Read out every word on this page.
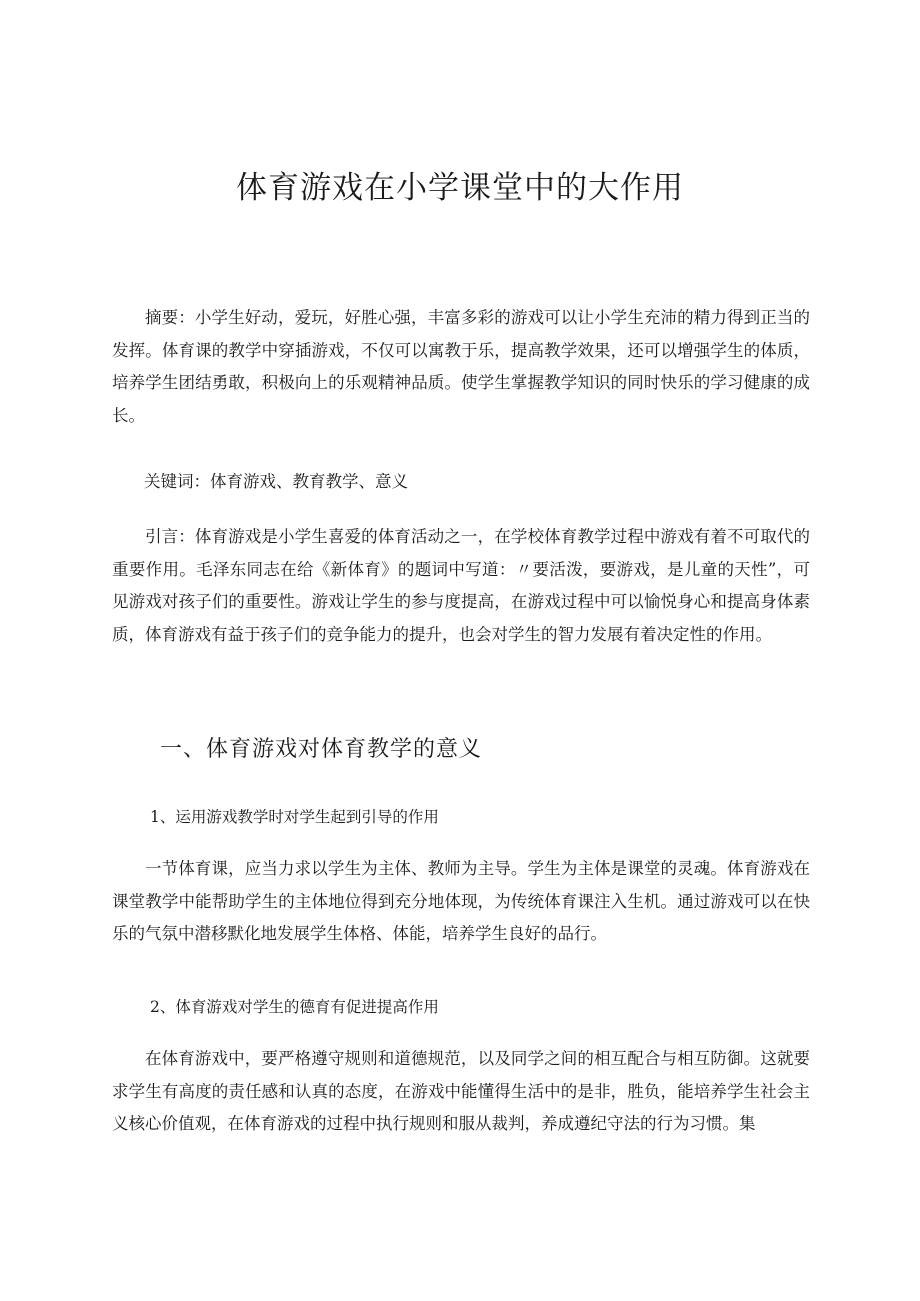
体育游戏在小学课堂中的大作用

摘要：小学生好动，爱玩，好胜心强，丰富多彩的游戏可以让小学生充沛的精力得到正当的发挥。体育课的教学中穿插游戏，不仅可以寓教于乐，提高教学效果，还可以增强学生的体质，培养学生团结勇敢，积极向上的乐观精神品质。使学生掌握教学知识的同时快乐的学习健康的成长。

关键词：体育游戏、教育教学、意义

引言：体育游戏是小学生喜爱的体育活动之一，在学校体育教学过程中游戏有着不可取代的重要作用。毛泽东同志在给《新体育》的题词中写道：〃要活泼，要游戏，是儿童的天性”，可见游戏对孩子们的重要性。游戏让学生的参与度提高，在游戏过程中可以愉悦身心和提高身体素质，体育游戏有益于孩子们的竞争能力的提升，也会对学生的智力发展有着决定性的作用。

一、体育游戏对体育教学的意义
1、运用游戏教学时对学生起到引导的作用

一节体育课，应当力求以学生为主体、教师为主导。学生为主体是课堂的灵魂。体育游戏在课堂教学中能帮助学生的主体地位得到充分地体现，为传统体育课注入生机。通过游戏可以在快乐的气氛中潜移默化地发展学生体格、体能，培养学生良好的品行。

2、体育游戏对学生的德育有促进提高作用

在体育游戏中，要严格遵守规则和道德规范，以及同学之间的相互配合与相互防御。这就要求学生有高度的责任感和认真的态度，在游戏中能懂得生活中的是非，胜负，能培养学生社会主义核心价值观，在体育游戏的过程中执行规则和服从裁判，养成遵纪守法的行为习惯。集
